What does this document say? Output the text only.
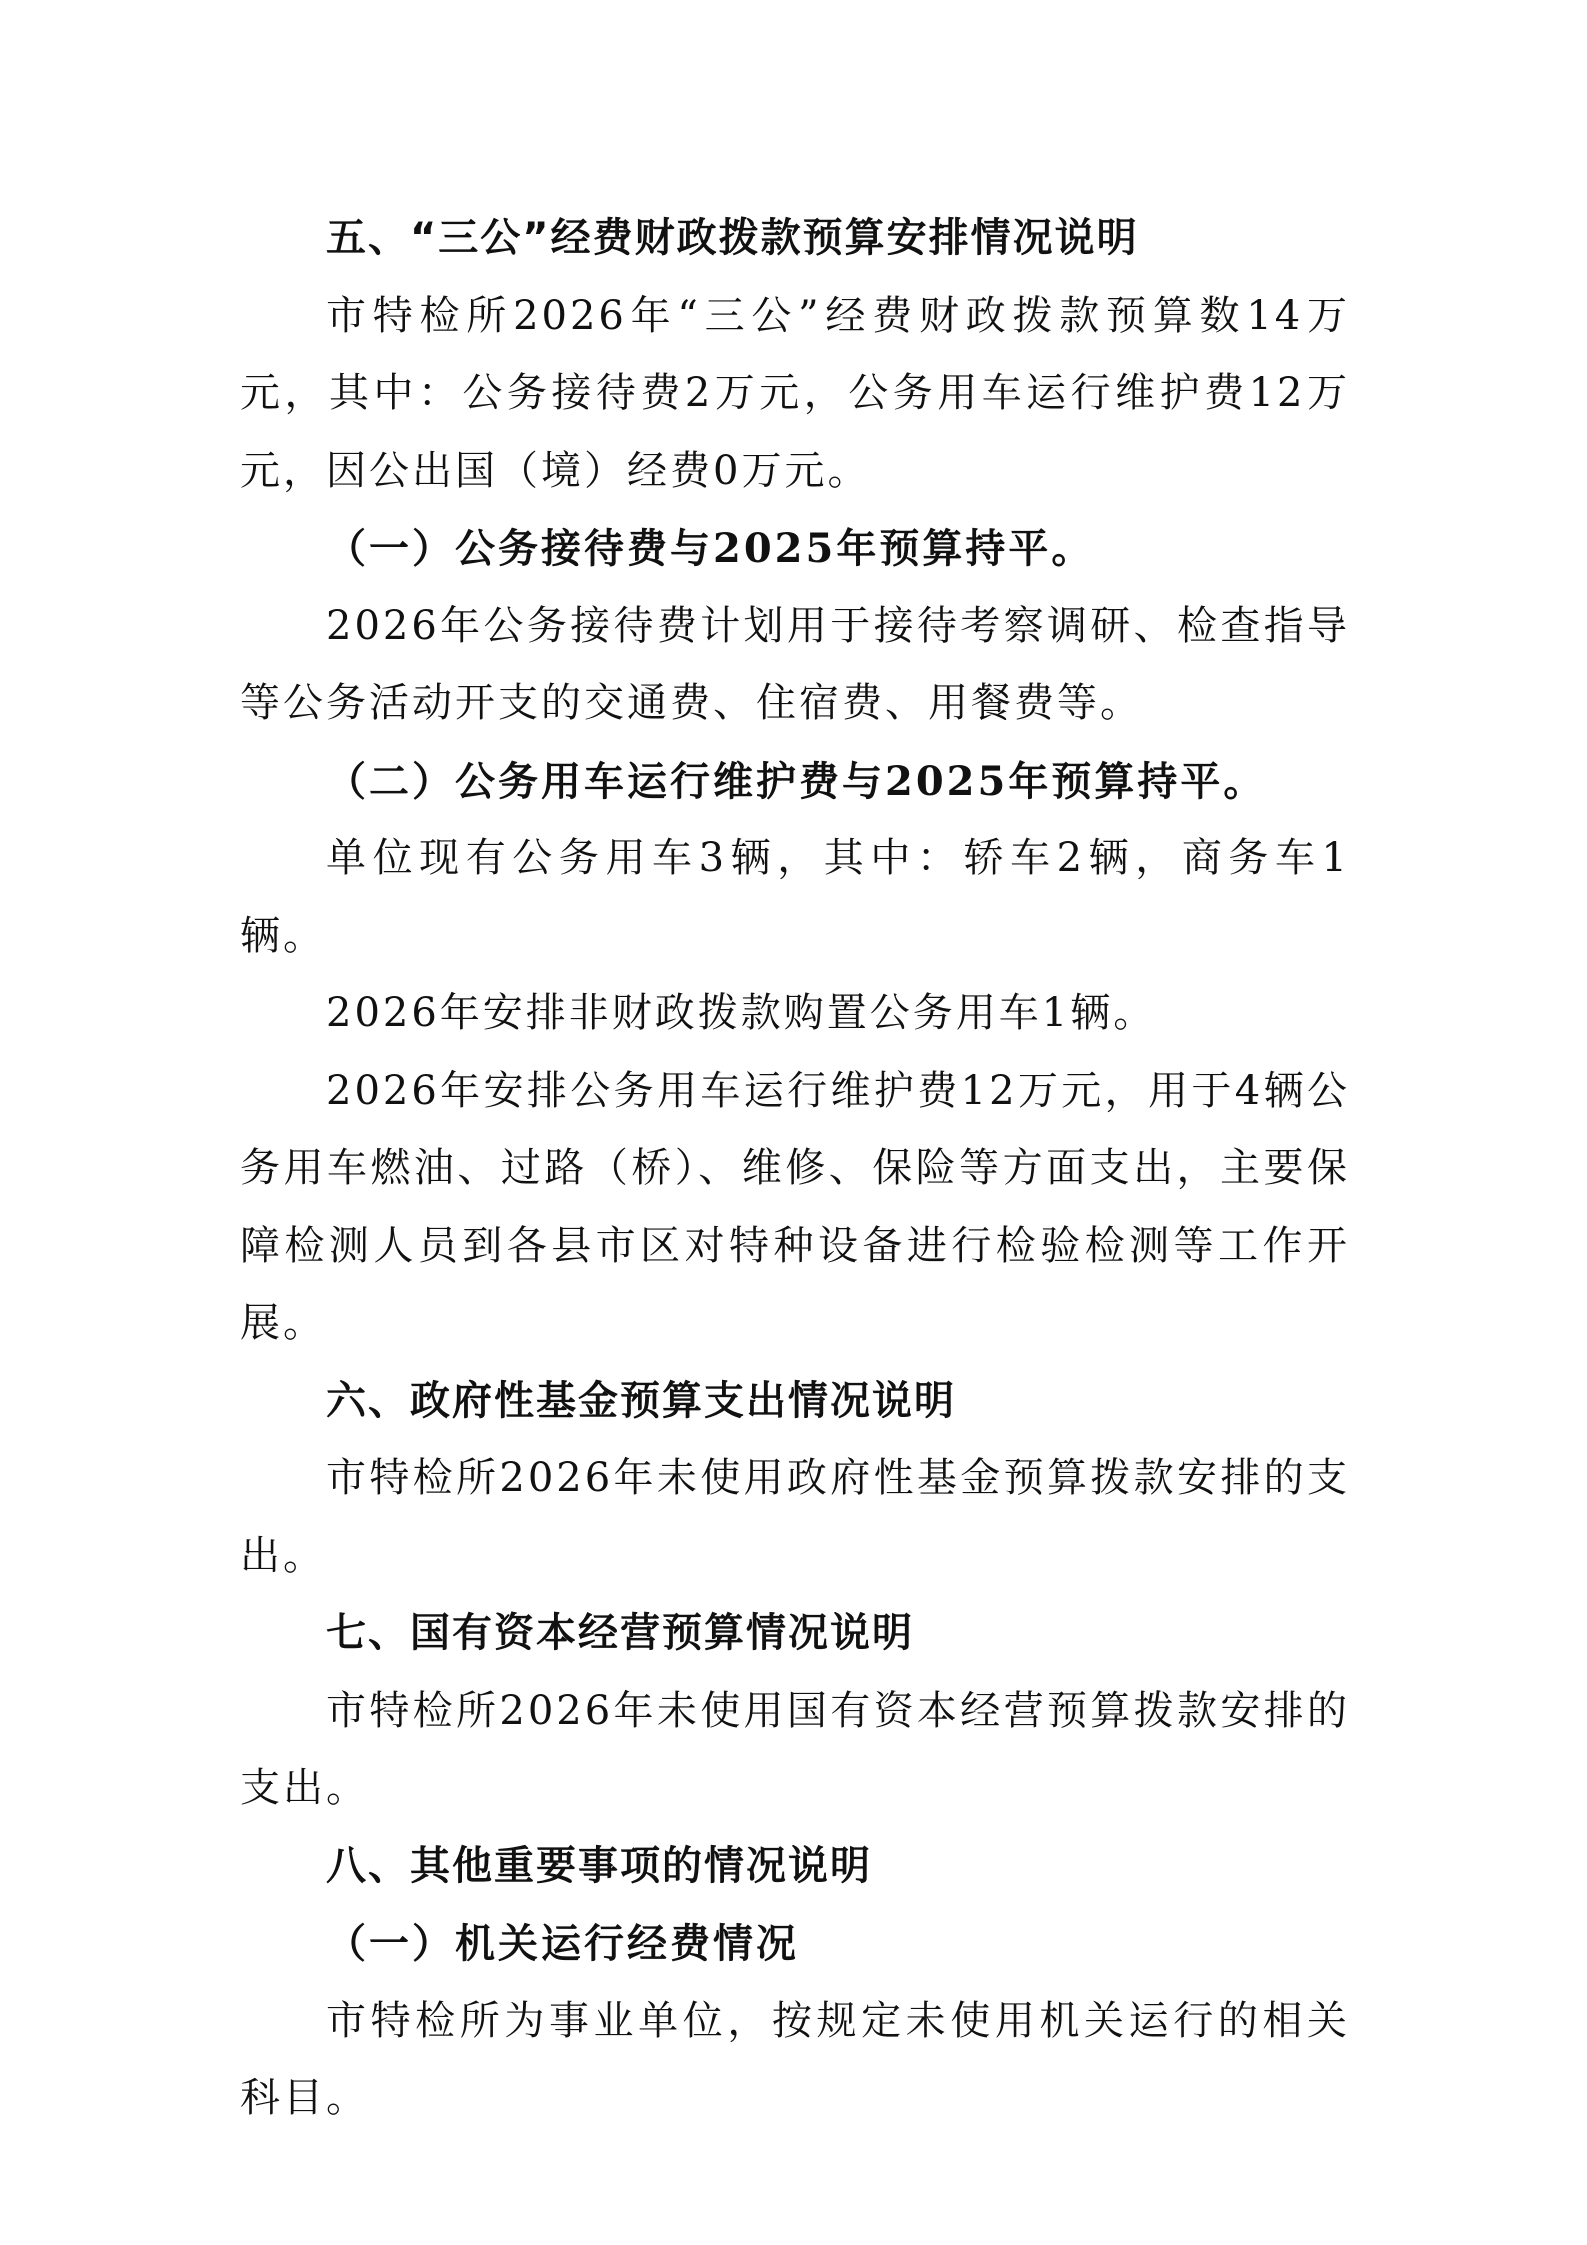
五、“三公”经费财政拨款预算安排情况说明

市特检所2026年“三公”经费财政拨款预算数14万元，其中：公务接待费2万元，公务用车运行维护费12万元，因公出国（境）经费0万元。

（一）公务接待费与2025年预算持平。

2026年公务接待费计划用于接待考察调研、检查指导等公务活动开支的交通费、住宿费、用餐费等。

（二）公务用车运行维护费与2025年预算持平。

单位现有公务用车3辆，其中：轿车2辆，商务车1辆。

2026年安排非财政拨款购置公务用车1辆。

2026年安排公务用车运行维护费12万元，用于4辆公务用车燃油、过路（桥）、维修、保险等方面支出，主要保障检测人员到各县市区对特种设备进行检验检测等工作开展。

六、政府性基金预算支出情况说明

市特检所2026年未使用政府性基金预算拨款安排的支出。

七、国有资本经营预算情况说明

市特检所2026年未使用国有资本经营预算拨款安排的支出。

八、其他重要事项的情况说明

（一）机关运行经费情况

市特检所为事业单位，按规定未使用机关运行的相关科目。
